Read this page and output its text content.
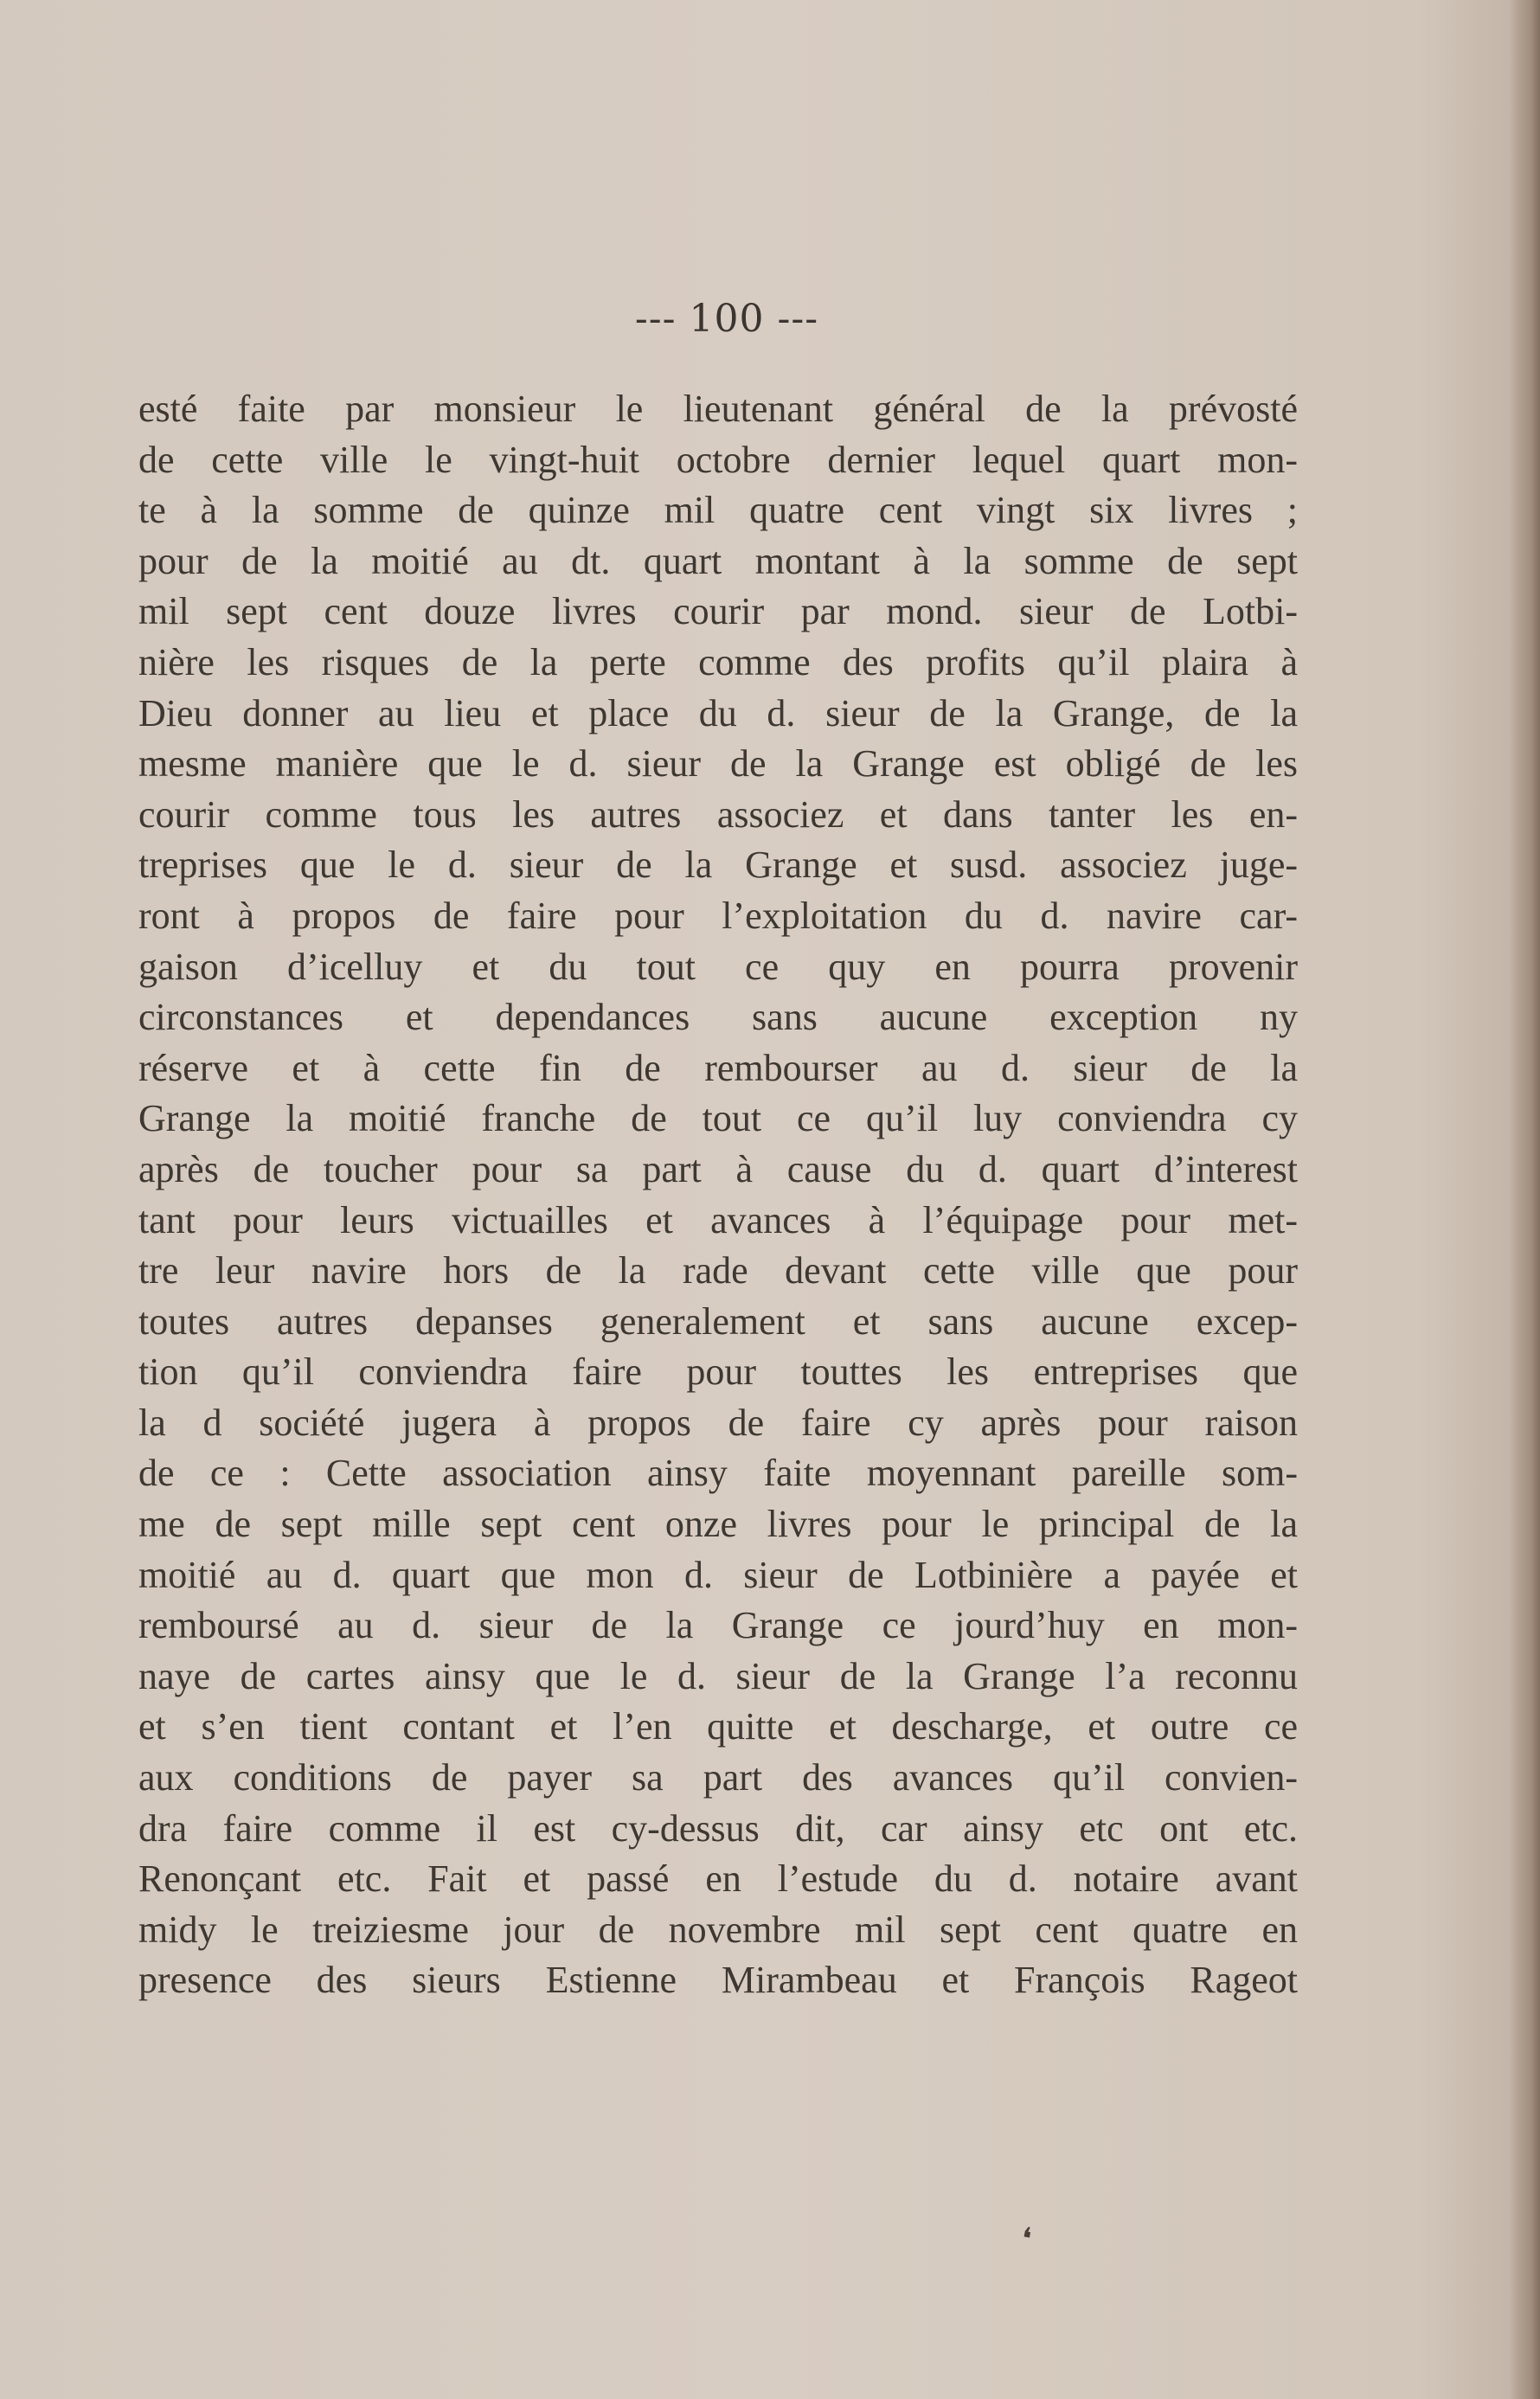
--- 100 ---
esté faite par monsieur le lieutenant général de la prévosté
de cette ville le vingt-huit octobre dernier lequel quart mon-
te à la somme de quinze mil quatre cent vingt six livres ;
pour de la moitié au dt. quart montant à la somme de sept
mil sept cent douze livres courir par mond. sieur de Lotbi-
nière les risques de la perte comme des profits qu’il plaira à
Dieu donner au lieu et place du d. sieur de la Grange, de la
mesme manière que le d. sieur de la Grange est obligé de les
courir comme tous les autres associez et dans tanter les en-
treprises que le d. sieur de la Grange et susd. associez juge-
ront à propos de faire pour l’exploitation du d. navire car-
gaison d’icelluy et du tout ce quy en pourra provenir
circonstances et dependances sans aucune exception ny
réserve et à cette fin de rembourser au d. sieur de la
Grange la moitié franche de tout ce qu’il luy conviendra cy
après de toucher pour sa part à cause du d. quart d’interest
tant pour leurs victuailles et avances à l’équipage pour met-
tre leur navire hors de la rade devant cette ville que pour
toutes autres depanses generalement et sans aucune excep-
tion qu’il conviendra faire pour touttes les entreprises que
la d société jugera à propos de faire cy après pour raison
de ce : Cette association ainsy faite moyennant pareille som-
me de sept mille sept cent onze livres pour le principal de la
moitié au d. quart que mon d. sieur de Lotbinière a payée et
remboursé au d. sieur de la Grange ce jourd’huy en mon-
naye de cartes ainsy que le d. sieur de la Grange l’a reconnu
et s’en tient contant et l’en quitte et descharge, et outre ce
aux conditions de payer sa part des avances qu’il convien-
dra faire comme il est cy-dessus dit, car ainsy etc ont etc.
Renonçant etc. Fait et passé en l’estude du d. notaire avant
midy le treiziesme jour de novembre mil sept cent quatre en
presence des sieurs Estienne Mirambeau et François Rageot
❛
